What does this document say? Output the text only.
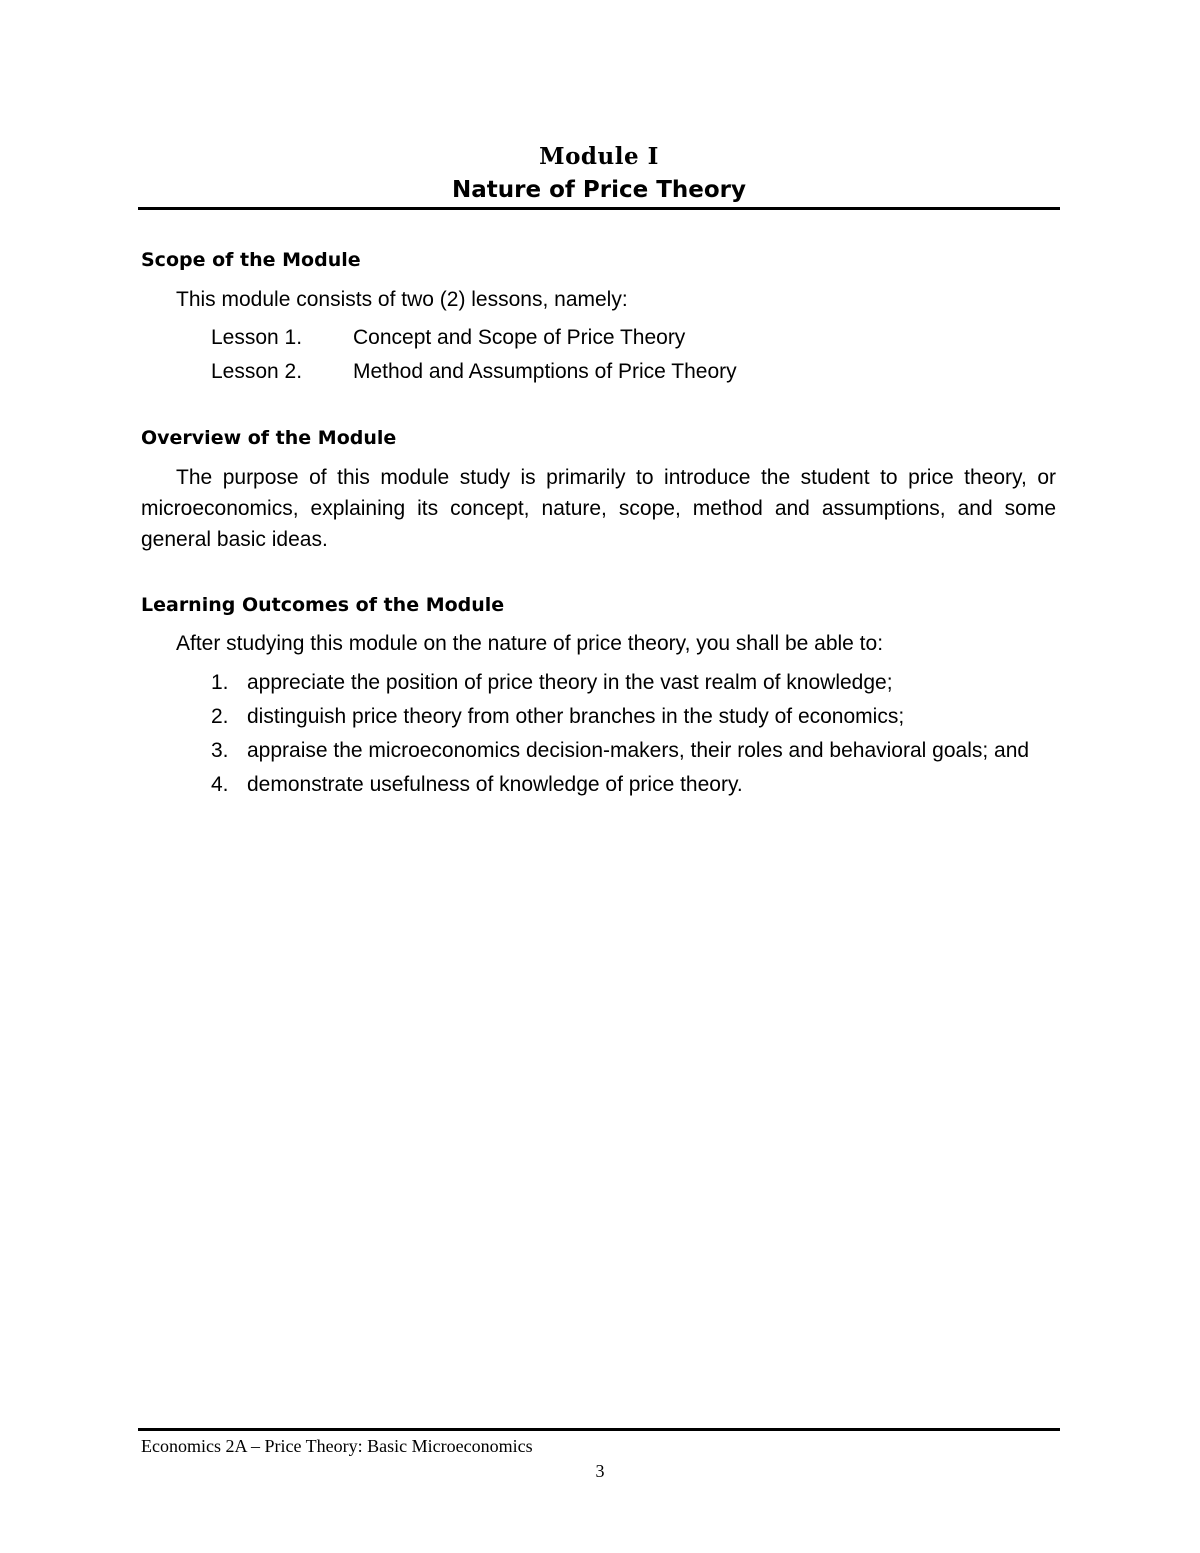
Module I
Nature of Price Theory
Scope of the Module
This module consists of two (2) lessons, namely:
Lesson 1. Concept and Scope of Price Theory
Lesson 2. Method and Assumptions of Price Theory
Overview of the Module
The purpose of this module study is primarily to introduce the student to price theory, or microeconomics, explaining its concept, nature, scope, method and assumptions, and some general basic ideas.
Learning Outcomes of the Module
After studying this module on the nature of price theory, you shall be able to:
1. appreciate the position of price theory in the vast realm of knowledge;
2. distinguish price theory from other branches in the study of economics;
3. appraise the microeconomics decision-makers, their roles and behavioral goals; and
4. demonstrate usefulness of knowledge of price theory.
Economics 2A – Price Theory: Basic Microeconomics
3
